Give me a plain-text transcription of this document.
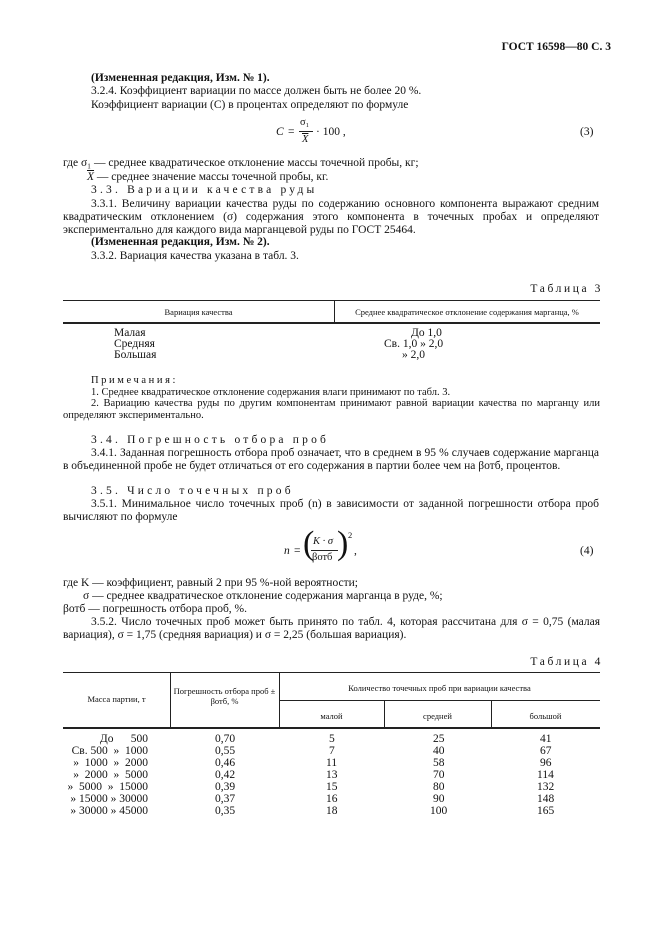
ГОСТ 16598—80 С. 3
(Измененная редакция, Изм. № 1).
3.2.4. Коэффициент вариации по массе должен быть не более 20 %.
Коэффициент вариации (C) в процентах определяют по формуле
C =
σ₁
$\overline{X}$
· 100 ,	(3)
где σ₁ — среднее квадратическое отклонение массы точечной пробы, кг;
$\overline{X}$ — среднее значение массы точечной пробы, кг.
3.3. Вариации качества руды
3.3.1. Величину вариации качества руды по содержанию основного компонента выражают средним квадратическим отклонением (σ) содержания этого компонента в точечных пробах и определяют экспериментально для каждого вида марганцевой руды по ГОСТ 25464.
(Измененная редакция, Изм. № 2).
3.3.2. Вариация качества указана в табл. 3.
Таблица 3
Вариация качества	Среднее квадратическое отклонение содержания марганца, %
Малая	До 1,0
Средняя	Св. 1,0 » 2,0
Большая	» 2,0
Примечания:
1. Среднее квадратическое отклонение содержания влаги принимают по табл. 3.
2. Вариацию качества руды по другим компонентам принимают равной вариации качества по марганцу или определяют экспериментально.
3.4. Погрешность отбора проб
3.4.1. Заданная погрешность отбора проб означает, что в среднем в 95 % случаев содержание марганца в объединенной пробе не будет отличаться от его содержания в партии более чем на βотб, процентов.
3.5. Число точечных проб
3.5.1. Минимальное число точечных проб (n) в зависимости от заданной погрешности отбора проб вычисляют по формуле
n = (
K · σ
βотб ) 2
,	(4)
где K — коэффициент, равный 2 при 95 %-ной вероятности;
σ — среднее квадратическое отклонение содержания марганца в руде, %;
βотб — погрешность отбора проб, %.
3.5.2. Число точечных проб может быть принято по табл. 4, которая рассчитана для σ = 0,75 (малая вариация), σ = 1,75 (средняя вариация) и σ = 2,25 (большая вариация).
Таблица 4
Масса партии, т
Погрешность отбора проб ± βотб, %
Количество точечных проб при вариации качества
малой	средней	большой
До      500	0,70	5	25	41
Св. 500  »  1000	0,55	7	40	67
»  1000  »  2000	0,46	11	58	96
»  2000  »  5000	0,42	13	70	114
»  5000  »  15000	0,39	15	80	132
» 15000 » 30000	0,37	16	90	148
» 30000 » 45000	0,35	18	100	165
